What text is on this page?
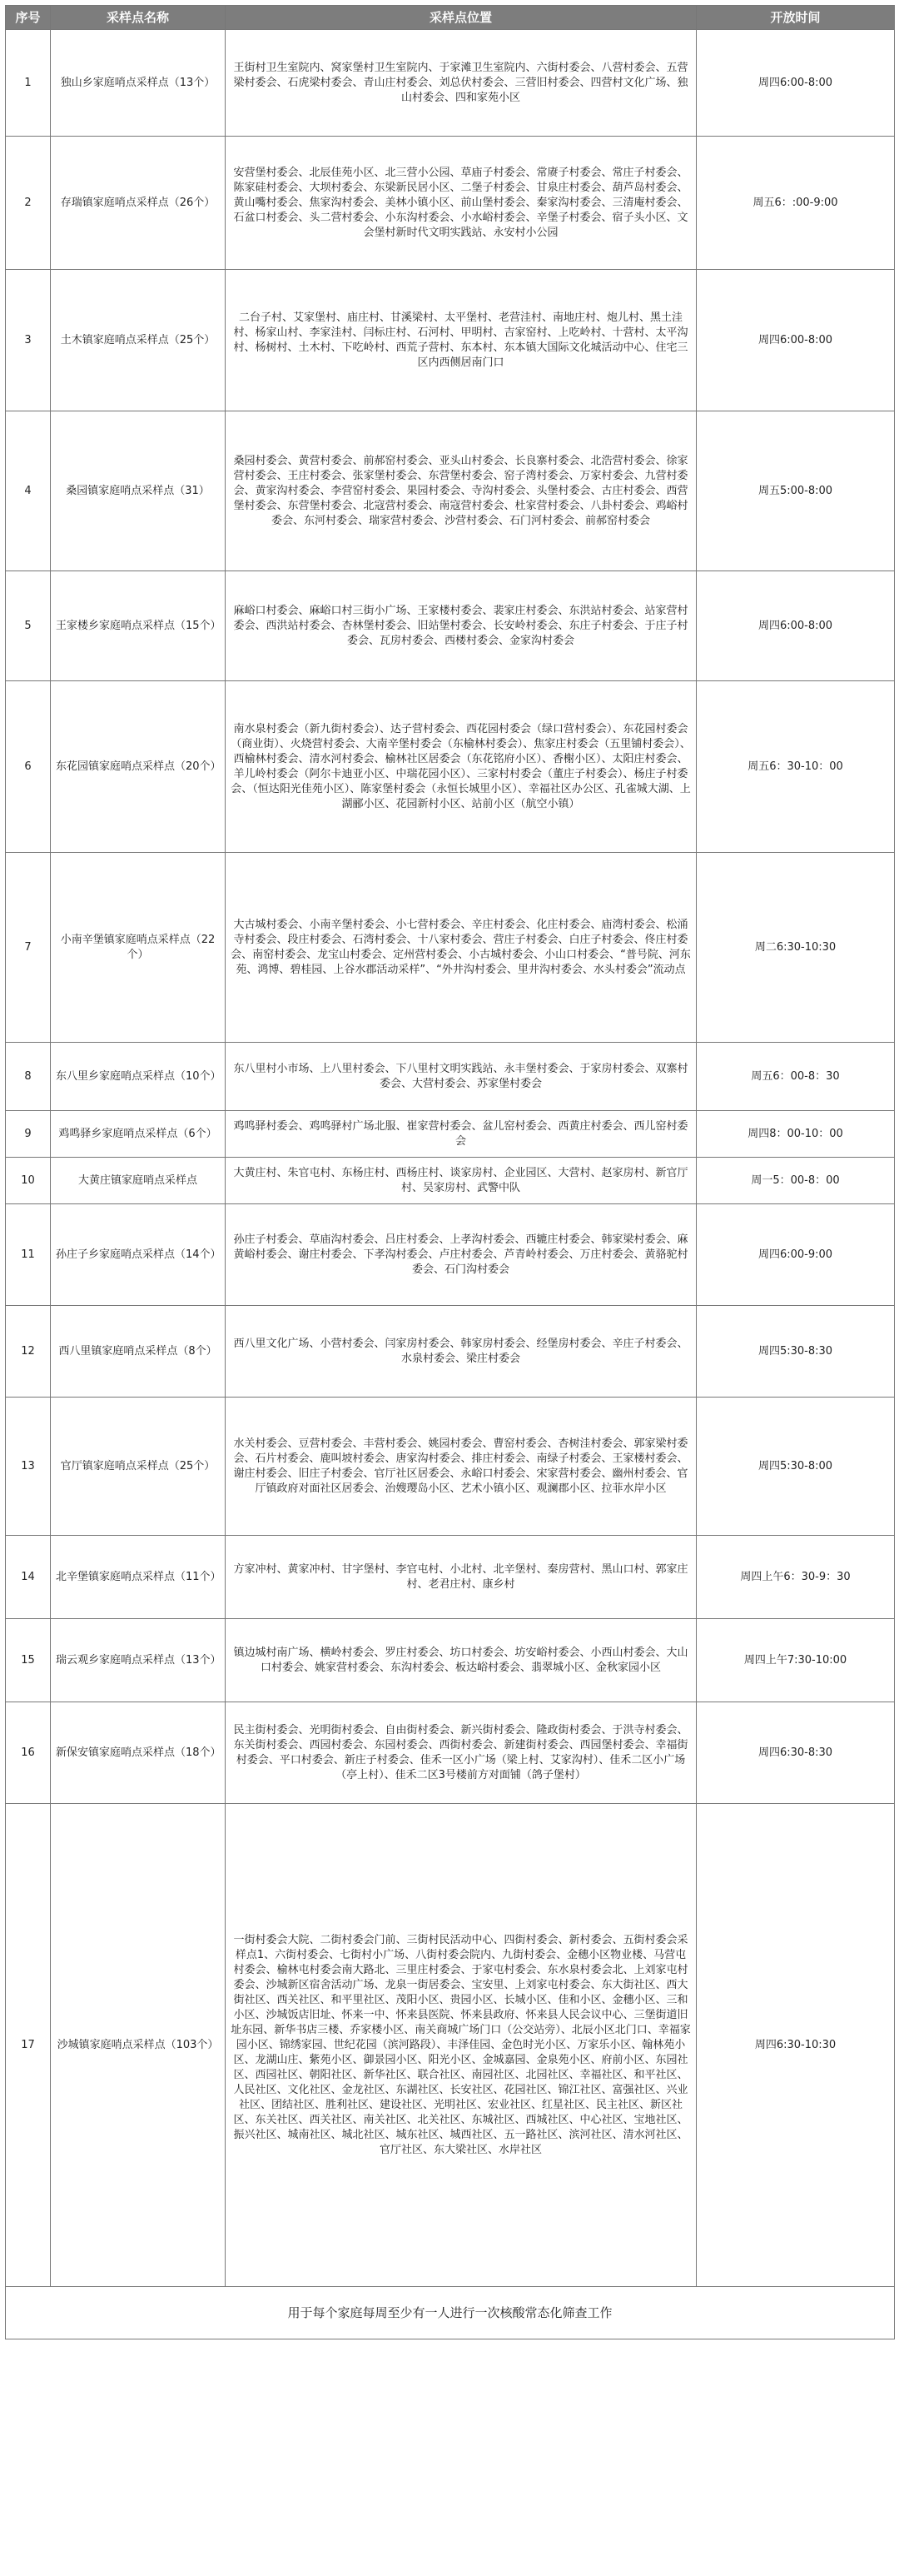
序号	采样点名称	采样点位置	开放时间
1	独山乡家庭哨点采样点（13个）	王街村卫生室院内、窝家堡村卫生室院内、于家滩卫生室院内、六街村委会、八营村委会、五营梁村委会、石虎梁村委会、青山庄村委会、刘总伏村委会、三营旧村委会、四营村文化广场、独山村委会、四和家苑小区	周四6:00-8:00
2	存瑞镇家庭哨点采样点（26个）	安营堡村委会、北辰佳苑小区、北三营小公园、草庙子村委会、常赓子村委会、常庄子村委会、陈家硅村委会、大坝村委会、东梁新民居小区、二堡子村委会、甘泉庄村委会、葫芦岛村委会、黄山嘴村委会、焦家沟村委会、美林小镇小区、前山堡村委会、秦家沟村委会、三清庵村委会、石盆口村委会、头二营村委会、小东沟村委会、小水峪村委会、辛堡子村委会、宿子头小区、文会堡村新时代文明实践站、永安村小公园	周五6：:00-9:00
3	土木镇家庭哨点采样点（25个）	二台子村、艾家堡村、庙庄村、甘溪梁村、太平堡村、老营洼村、南地庄村、炮儿村、黑土洼村、杨家山村、李家洼村、闫标庄村、石河村、甲明村、吉家窑村、上吃岭村、十营村、太平沟村、杨树村、土木村、下吃岭村、西荒子营村、东本村、东本镇大国际文化城活动中心、住宅三区内西侧居南门口	周四6:00-8:00
4	桑园镇家庭哨点采样点（31）	桑园村委会、黄营村委会、前郝窑村委会、亚头山村委会、长良寨村委会、北浩营村委会、徐家营村委会、王庄村委会、张家堡村委会、东营堡村委会、窑子湾村委会、万家村委会、九营村委会、黄家沟村委会、李营窑村委会、果园村委会、寺沟村委会、头堡村委会、古庄村委会、西营堡村委会、东营堡村委会、北寇营村委会、南寇营村委会、杜家营村委会、八卦村委会、鸡峪村委会、东河村委会、瑞家营村委会、沙营村委会、石门河村委会、前郝窑村委会	周五5:00-8:00
5	王家楼乡家庭哨点采样点（15个）	麻峪口村委会、麻峪口村三街小广场、王家楼村委会、裴家庄村委会、东洪站村委会、站家营村委会、西洪站村委会、杏林堡村委会、旧站堡村委会、长安岭村委会、东庄子村委会、于庄子村委会、瓦房村委会、西楼村委会、金家沟村委会	周四6:00-8:00
6	东花园镇家庭哨点采样点（20个）	南水泉村委会（新九街村委会）、达子营村委会、西花园村委会（绿口营村委会）、东花园村委会（商业街）、火烧营村委会、大南辛堡村委会（东榆林村委会）、焦家庄村委会（五里铺村委会）、西榆林村委会、清水河村委会、榆林社区居委会（东花铭府小区）、香榭小区）、太阳庄村委会、羊儿岭村委会（阿尔卡迪亚小区、中瑞花园小区）、三家村村委会（董庄子村委会）、杨庄子村委会、（恒达阳光佳苑小区）、陈家堡村委会（永恒长城里小区）、幸福社区办公区、孔雀城大湖、上湖郦小区、花园新村小区、站前小区（航空小镇）	周五6：30-10：00
7	小南辛堡镇家庭哨点采样点（22个）	大古城村委会、小南辛堡村委会、小七营村委会、辛庄村委会、化庄村委会、庙湾村委会、松涌寺村委会、段庄村委会、石湾村委会、十八家村委会、营庄子村委会、白庄子村委会、佟庄村委会、南窑村委会、龙宝山村委会、定州营村委会、小古城村委会、小山口村委会、“普号院、河东苑、鸿博、碧桂园、上谷水郡活动采样”、“外井沟村委会、里井沟村委会、水头村委会”流动点	周二6:30-10:30
8	东八里乡家庭哨点采样点（10个）	东八里村小市场、上八里村委会、下八里村文明实践站、永丰堡村委会、于家房村委会、双寨村委会、大营村委会、苏家堡村委会	周五6：00-8：30
9	鸡鸣驿乡家庭哨点采样点（6个）	鸡鸣驿村委会、鸡鸣驿村广场北服、崔家营村委会、盆儿窑村委会、西黄庄村委会、西儿窑村委会	周四8：00-10：00
10	大黄庄镇家庭哨点采样点	大黄庄村、朱官屯村、东杨庄村、西杨庄村、谈家房村、企业园区、大营村、赵家房村、新官厅村、吴家房村、武警中队	周一5：00-8：00
11	孙庄子乡家庭哨点采样点（14个）	孙庄子村委会、草庙沟村委会、吕庄村委会、上孝沟村委会、西辘庄村委会、韩家梁村委会、麻黄峪村委会、谢庄村委会、下孝沟村委会、卢庄村委会、芦青岭村委会、万庄村委会、黄骆驼村委会、石门沟村委会	周四6:00-9:00
12	西八里镇家庭哨点采样点（8个）	西八里文化广场、小营村委会、闫家房村委会、韩家房村委会、经堡房村委会、辛庄子村委会、水泉村委会、梁庄村委会	周四5:30-8:30
13	官厅镇家庭哨点采样点（25个）	水关村委会、豆营村委会、丰营村委会、姚园村委会、曹窑村委会、杏树洼村委会、郭家梁村委会、石片村委会、鹿叫坡村委会、唐家沟村委会、排庄村委会、南绿子村委会、王家楼村委会、谢庄村委会、旧庄子村委会、官厅社区居委会、永峪口村委会、宋家营村委会、幽州村委会、官厅镇政府对面社区居委会、治嫂璎岛小区、艺术小镇小区、观澜郡小区、拉菲水岸小区	周四5:30-8:00
14	北辛堡镇家庭哨点采样点（11个）	方家冲村、黄家冲村、甘字堡村、李官屯村、小北村、北辛堡村、秦房营村、黑山口村、郭家庄村、老君庄村、康乡村	周四上午6：30-9：30
15	瑞云观乡家庭哨点采样点（13个）	镇边城村南广场、横岭村委会、罗庄村委会、坊口村委会、坊安峪村委会、小西山村委会、大山口村委会、姚家营村委会、东沟村委会、板达峪村委会、翡翠城小区、金秋家园小区	周四上午7:30-10:00
16	新保安镇家庭哨点采样点（18个）	民主街村委会、光明街村委会、自由街村委会、新兴街村委会、隆政街村委会、于洪寺村委会、东关街村委会、西园村委会、东园村委会、西街村委会、新建街村委会、西园堡村委会、幸福街村委会、平口村委会、新庄子村委会、佳禾一区小广场（梁上村、艾家沟村）、佳禾二区小广场（亭上村）、佳禾二区3号楼前方对面铺（鸽子堡村）	周四6:30-8:30
17	沙城镇家庭哨点采样点（103个）	一街村委会大院、二街村委会门前、三街村民活动中心、四街村委会、新村委会、五街村委会采样点1、六街村委会、七街村小广场、八街村委会院内、九街村委会、金穗小区物业楼、马营屯村委会、榆林屯村委会南大路北、三里庄村委会、于家屯村委会、东水泉村委会北、上刘家屯村委会、沙城新区宿舍活动广场、龙泉一街居委会、宝安里、上刘家屯村委会、东大街社区、西大街社区、西关社区、和平里社区、茂阳小区、贵园小区、长城小区、佳和小区、金穗小区、三和小区、沙城饭店旧址、怀来一中、怀来县医院、怀来县政府、怀来县人民会议中心、三堡街道旧址东园、新华书店三楼、乔家楼小区、南关商城广场门口（公交站旁）、北辰小区北门口、幸福家园小区、锦绣家园、世纪花园（滨河路段）、丰泽佳园、金色时光小区、万家乐小区、翰林苑小区、龙湖山庄、紫苑小区、御景园小区、阳光小区、金城嘉园、金泉苑小区、府前小区、东园社区、西园社区、朝阳社区、新华社区、联合社区、南园社区、北园社区、幸福社区、和平社区、人民社区、文化社区、金龙社区、东湖社区、长安社区、花园社区、锦江社区、富强社区、兴业社区、团结社区、胜利社区、建设社区、光明社区、宏业社区、红星社区、民主社区、新区社区、东关社区、西关社区、南关社区、北关社区、东城社区、西城社区、中心社区、宝地社区、振兴社区、城南社区、城北社区、城东社区、城西社区、五一路社区、滨河社区、清水河社区、官厅社区、东大梁社区、水岸社区	周四6:30-10:30
用于每个家庭每周至少有一人进行一次核酸常态化筛查工作			
